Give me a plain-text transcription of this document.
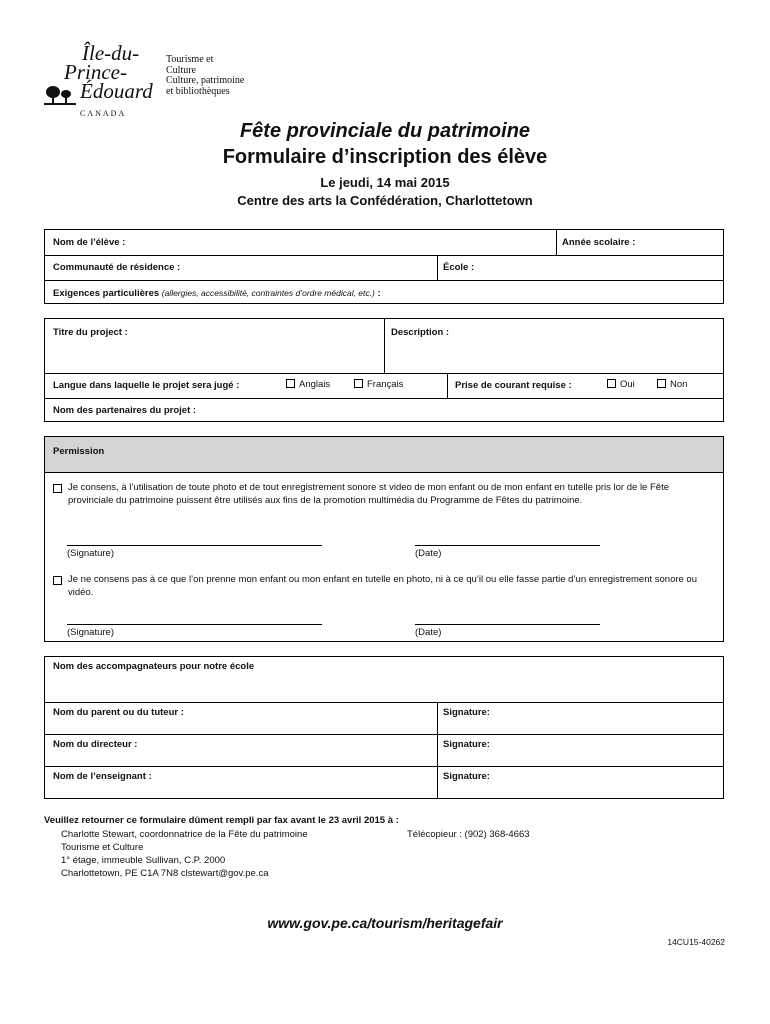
Île-du-
Prince-
Édouard
Tourisme et
Culture
Culture, patrimoine
et bibliothèques
CANADA
Fête provinciale du patrimoine
Formulaire d’inscription des élève
Le jeudi, 14 mai 2015
Centre des arts la Confédération, Charlottetown
Nom de l’élève :	Année scolaire :
Communauté de résidence :	École :
Exigences particulières (allergies, accessibilité, contraintes d’ordre médical, etc.) :
Titre du project :	Description :
Langue dans laquelle le projet sera jugé :	Anglais	Français	Prise de courant requise :	Oui	Non
Nom des partenaires du projet :
Permission
Je consens, à l’utilisation de toute photo et de tout enregistrement sonore st video de mon enfant ou de mon enfant en tutelle pris lor de le Fête provinciale du patrimoine puissent être utilisés aux fins de la promotion multimédia du Programme de Fêtes du patrimoine.
(Signature)	(Date)
Je ne consens pas à ce que l’on prenne mon enfant ou mon enfant en tutelle en photo, ni à ce qu’il ou elle fasse partie d’un enregistrement sonore ou vidéo.
(Signature)	(Date)
Nom des accompagnateurs pour notre école
Nom du parent ou du tuteur :	Signature:
Nom du directeur :	Signature:
Nom de l’enseignant :	Signature:
Veuillez retourner ce formulaire dûment rempli par fax avant le 23 avril 2015 à :
Charlotte Stewart, coordonnatrice de la Fête du patrimoine	Télécopieur : (902) 368-4663
Tourisme et Culture
1° étage, immeuble Sullivan, C.P. 2000
Charlottetown, PE C1A 7N8 clstewart@gov.pe.ca
www.gov.pe.ca/tourism/heritagefair
14CU15-40262
